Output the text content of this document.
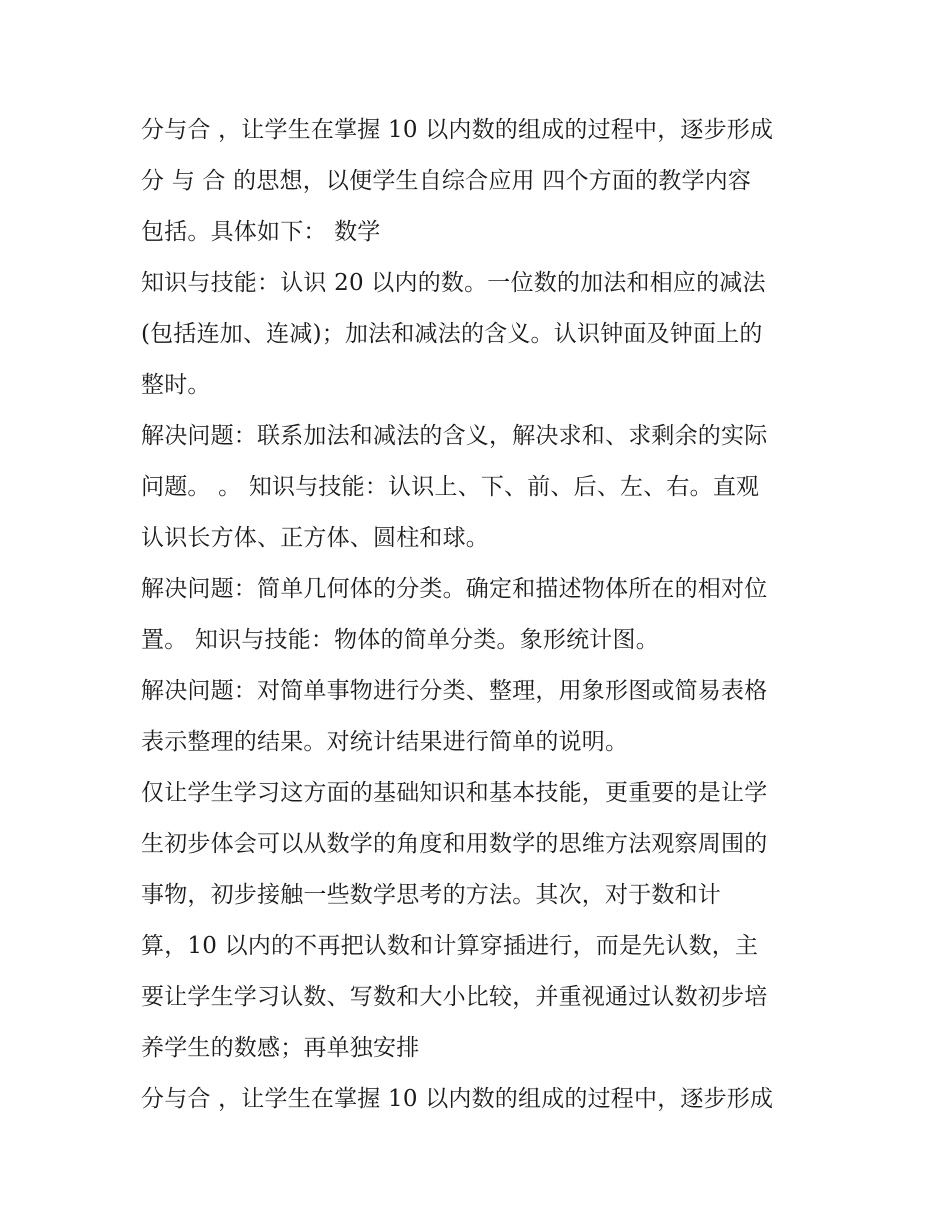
分与合 ，让学生在掌握 10 以内数的组成的过程中，逐步形成
分 与 合 的思想，以便学生自综合应用 四个方面的教学内容
包括。具体如下： 数学
知识与技能：认识 20 以内的数。一位数的加法和相应的减法
(包括连加、连减)；加法和减法的含义。认识钟面及钟面上的
整时。
解决问题：联系加法和减法的含义，解决求和、求剩余的实际
问题。 。 知识与技能：认识上、下、前、后、左、右。直观
认识长方体、正方体、圆柱和球。
解决问题：简单几何体的分类。确定和描述物体所在的相对位
置。 知识与技能：物体的简单分类。象形统计图。
解决问题：对简单事物进行分类、整理，用象形图或简易表格
表示整理的结果。对统计结果进行简单的说明。
仅让学生学习这方面的基础知识和基本技能，更重要的是让学
生初步体会可以从数学的角度和用数学的思维方法观察周围的
事物，初步接触一些数学思考的方法。其次，对于数和计
算，10 以内的不再把认数和计算穿插进行，而是先认数，主
要让学生学习认数、写数和大小比较，并重视通过认数初步培
养学生的数感；再单独安排
分与合 ，让学生在掌握 10 以内数的组成的过程中，逐步形成
